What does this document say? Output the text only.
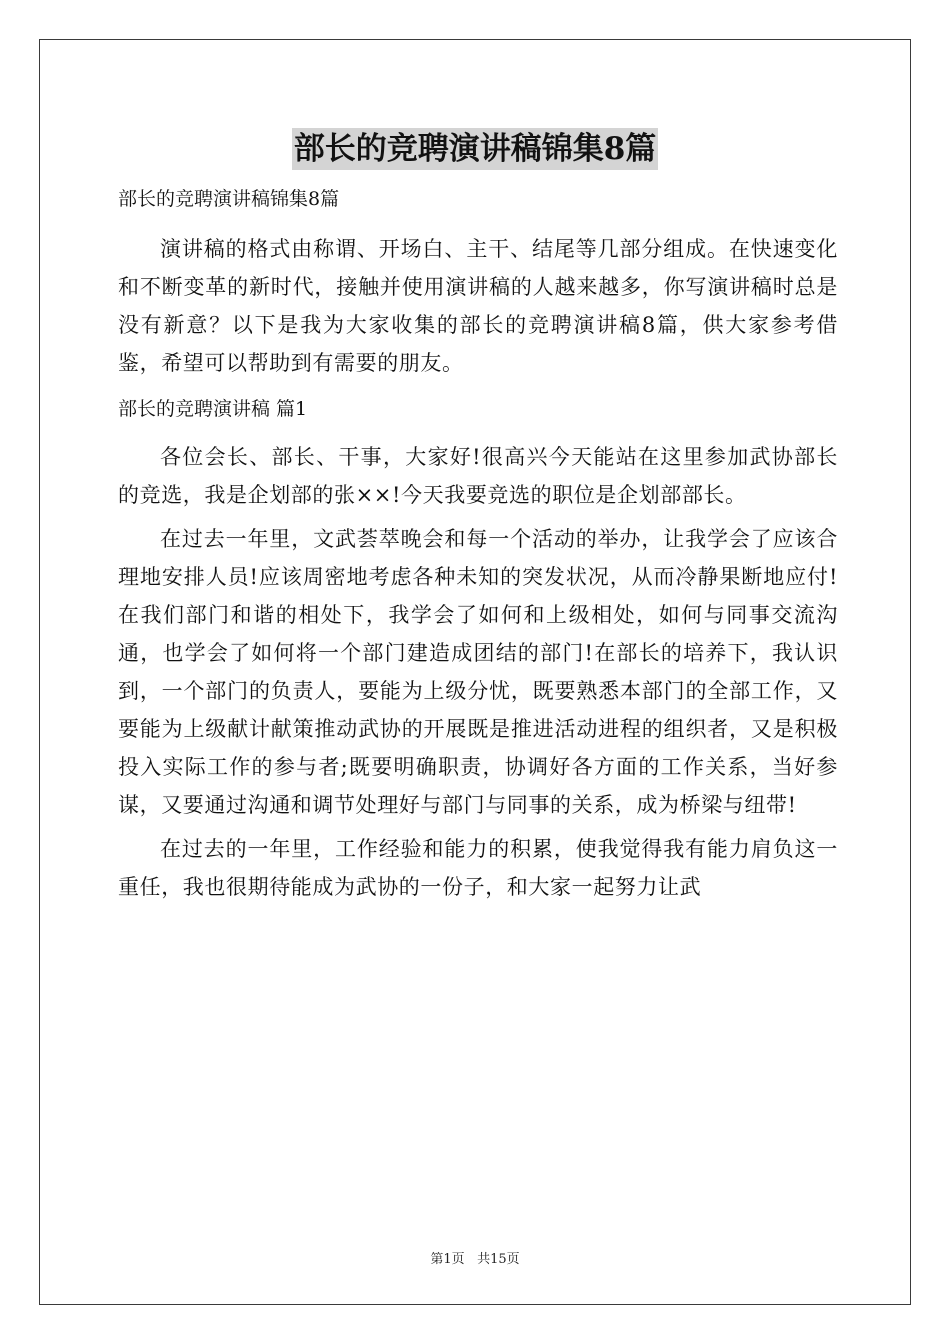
部长的竞聘演讲稿锦集8篇
部长的竞聘演讲稿锦集8篇

演讲稿的格式由称谓、开场白、主干、结尾等几部分组成。在快速变化和不断变革的新时代，接触并使用演讲稿的人越来越多，你写演讲稿时总是没有新意？以下是我为大家收集的部长的竞聘演讲稿8篇，供大家参考借鉴，希望可以帮助到有需要的朋友。

部长的竞聘演讲稿 篇1

各位会长、部长、干事，大家好!很高兴今天能站在这里参加武协部长的竞选，我是企划部的张××!今天我要竞选的职位是企划部部长。

在过去一年里，文武荟萃晚会和每一个活动的举办，让我学会了应该合理地安排人员!应该周密地考虑各种未知的突发状况，从而冷静果断地应付!在我们部门和谐的相处下，我学会了如何和上级相处，如何与同事交流沟通，也学会了如何将一个部门建造成团结的部门!在部长的培养下，我认识到，一个部门的负责人，要能为上级分忧，既要熟悉本部门的全部工作，又要能为上级献计献策推动武协的开展既是推进活动进程的组织者，又是积极投入实际工作的参与者;既要明确职责，协调好各方面的工作关系，当好参谋，又要通过沟通和调节处理好与部门与同事的关系，成为桥梁与纽带!

在过去的一年里，工作经验和能力的积累，使我觉得我有能力肩负这一重任，我也很期待能成为武协的一份子，和大家一起努力让武

第1页 共15页
